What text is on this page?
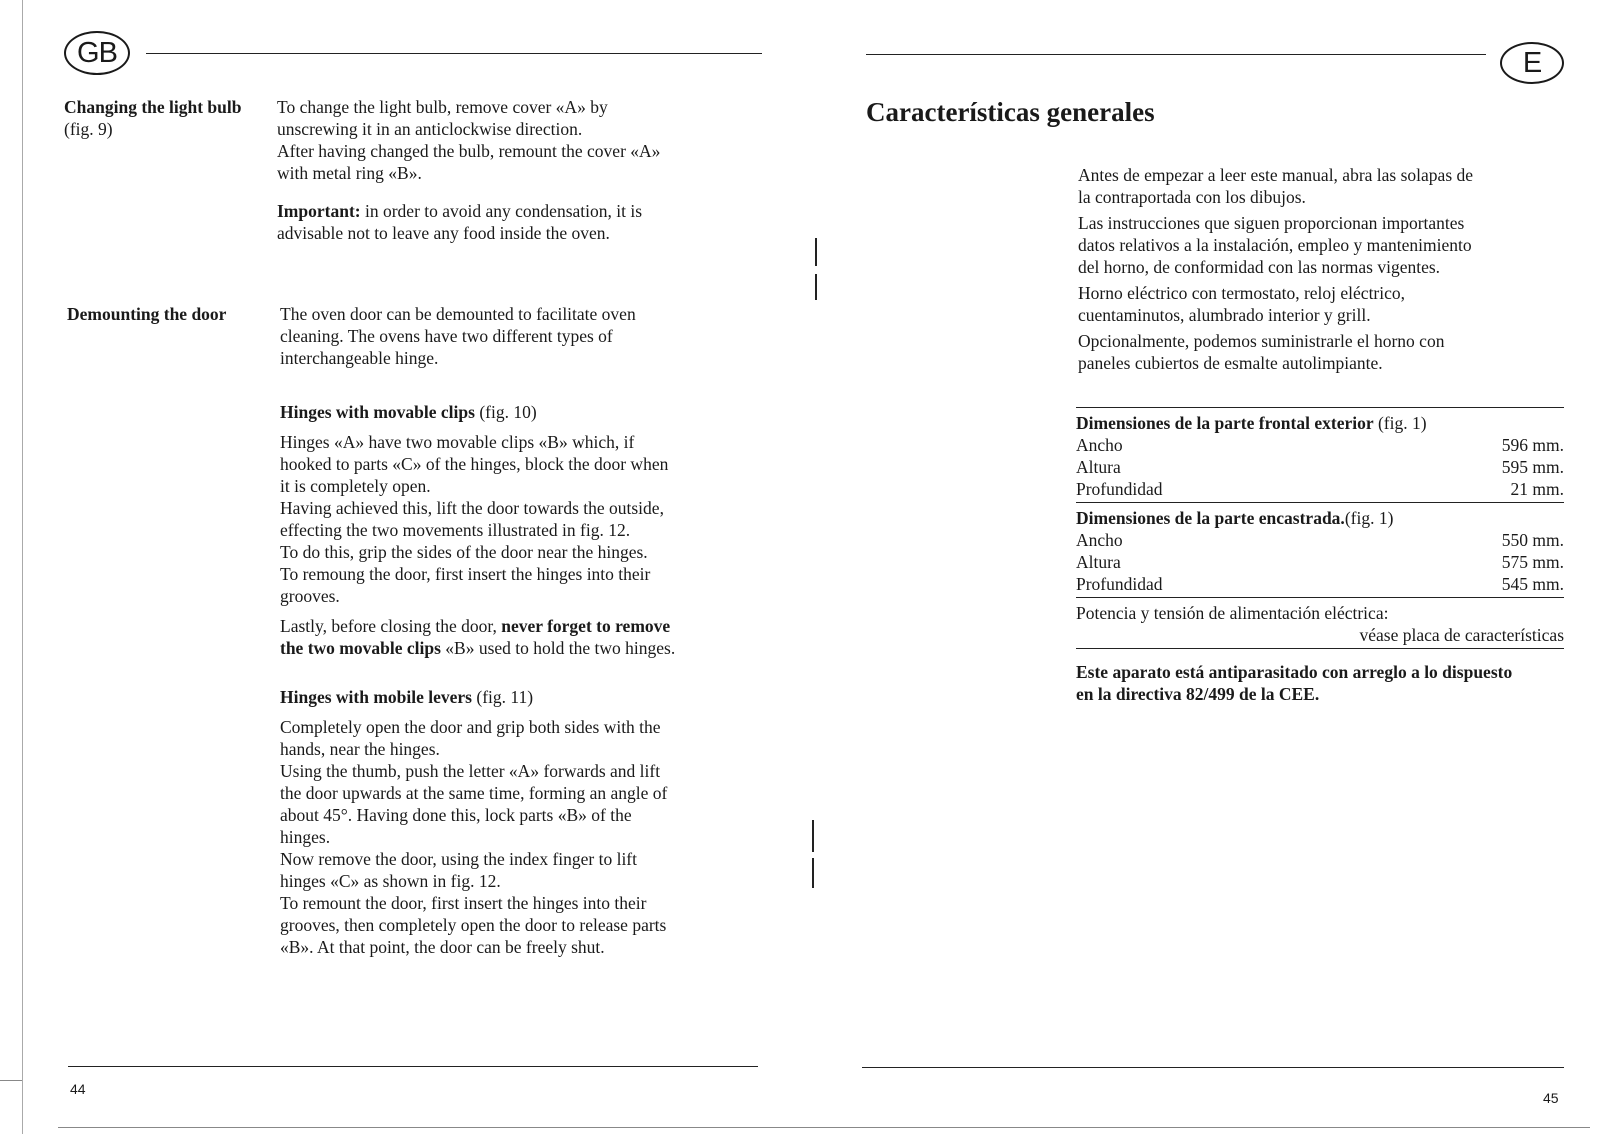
GB
Changing the light bulb
(fig. 9)

To change the light bulb, remove cover «A» by

unscrewing it in an anticlockwise direction.

After having changed the bulb, remount the cover «A»

with metal ring «B».

Important: in order to avoid any condensation, it is

advisable not to leave any food inside the oven.

Demounting the door	The oven door can be demounted to facilitate oven

cleaning. The ovens have two different types of

interchangeable hinge.

Hinges with movable clips (fig. 10)

Hinges «A» have two movable clips «B» which, if

hooked to parts «C» of the hinges, block the door when

it is completely open.

Having achieved this, lift the door towards the outside,

effecting the two movements illustrated in fig. 12.

To do this, grip the sides of the door near the hinges.

To remoung the door, first insert the hinges into their

grooves.

Lastly, before closing the door, never forget to remove

the two movable clips «B» used to hold the two hinges.

Hinges with mobile levers (fig. 11)

Completely open the door and grip both sides with the

hands, near the hinges.

Using the thumb, push the letter «A» forwards and lift

the door upwards at the same time, forming an angle of

about 45°. Having done this, lock parts «B» of the

hinges.

Now remove the door, using the index finger to lift

hinges «C» as shown in fig. 12.

To remount the door, first insert the hinges into their

grooves, then completely open the door to release parts

«B». At that point, the door can be freely shut.

44
E
Características generales

Antes de empezar a leer este manual, abra las solapas de

la contraportada con los dibujos.

Las instrucciones que siguen proporcionan importantes

datos relativos a la instalación, empleo y mantenimiento

del horno, de conformidad con las normas vigentes.

Horno eléctrico con termostato, reloj eléctrico,

cuentaminutos, alumbrado interior y grill.

Opcionalmente, podemos suministrarle el horno con

paneles cubiertos de esmalte autolimpiante.

Dimensiones de la parte frontal exterior (fig. 1)
Ancho	596 mm.
Altura	595 mm.
Profundidad	21 mm.
Dimensiones de la parte encastrada.(fig. 1)
Ancho	550 mm.
Altura	575 mm.
Profundidad	545 mm.
Potencia y tensión de alimentación eléctrica:
véase placa de características
Este aparato está antiparasitado con arreglo a lo dispuesto
en la directiva 82/499 de la CEE.
45
